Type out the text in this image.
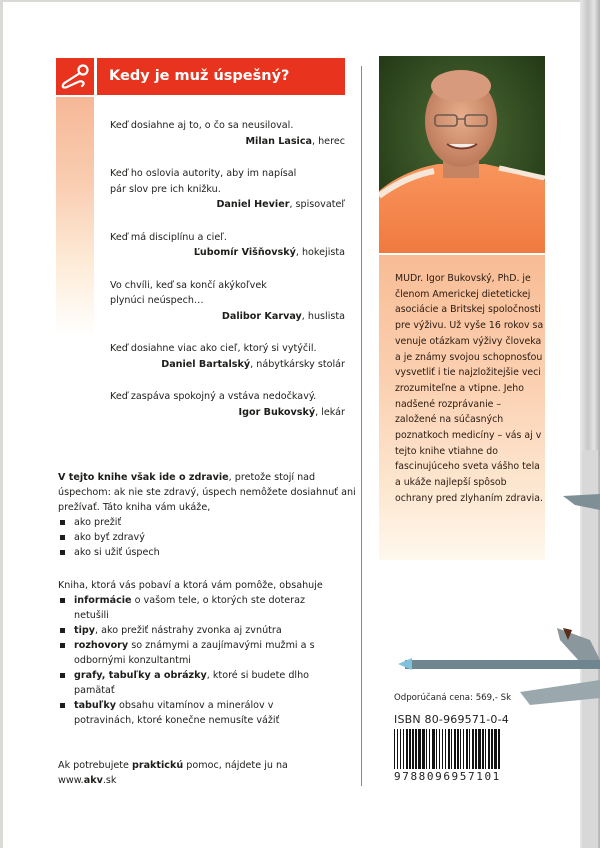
Kedy je muž úspešný?
Keď dosiahne aj to, o čo sa neusiloval.
Milan Lasica, herec
Keď ho oslovia autority, aby im napísal pár slov pre ich knižku.
Daniel Hevier, spisovateľ
Keď má disciplínu a cieľ.
Ľubomír Višňovský, hokejista
Vo chvíli, keď sa končí akýkoľvek plynúci neúspech…
Dalibor Karvay, huslista
Keď dosiahne viac ako cieľ, ktorý si vytýčil.
Daniel Bartalský, nábytkársky stolár
Keď zaspáva spokojný a vstáva nedočkavý.
Igor Bukovský, lekár

V tejto knihe však ide o zdravie, pretože stojí nad úspechom: ak nie ste zdravý, úspech nemôžete dosiahnuť ani prežívať. Táto kniha vám ukáže,

ako prežiť
ako byť zdravý
ako si užiť úspech

Kniha, ktorá vás pobaví a ktorá vám pomôže, obsahuje

informácie o vašom tele, o ktorých ste doteraz netušili
tipy, ako prežiť nástrahy zvonka aj zvnútra
rozhovory so známymi a zaujímavými mužmi a s odbornými konzultantmi
grafy, tabuľky a obrázky, ktoré si budete dlho pamätať
tabuľky obsahu vitamínov a minerálov v potravinách, ktoré konečne nemusíte vážiť

Ak potrebujete praktickú pomoc, nájdete ju na

www.akv.sk

MUDr. Igor Bukovský, PhD. je členom Americkej dietetickej asociácie a Britskej spoločnosti pre výživu. Už vyše 16 rokov sa venuje otázkam výživy človeka a je známy svojou schopnosťou vysvetliť i tie najzložitejšie veci zrozumiteľne a vtipne. Jeho nadšené rozprávanie – založené na súčasných poznatkoch medicíny – vás aj v tejto knihe vtiahne do fascinujúceho sveta vášho tela a ukáže najlepší spôsob ochrany pred zlyhaním zdravia.
Odporúčaná cena: 569,- Sk
ISBN 80-969571-0-4
9788096957101
